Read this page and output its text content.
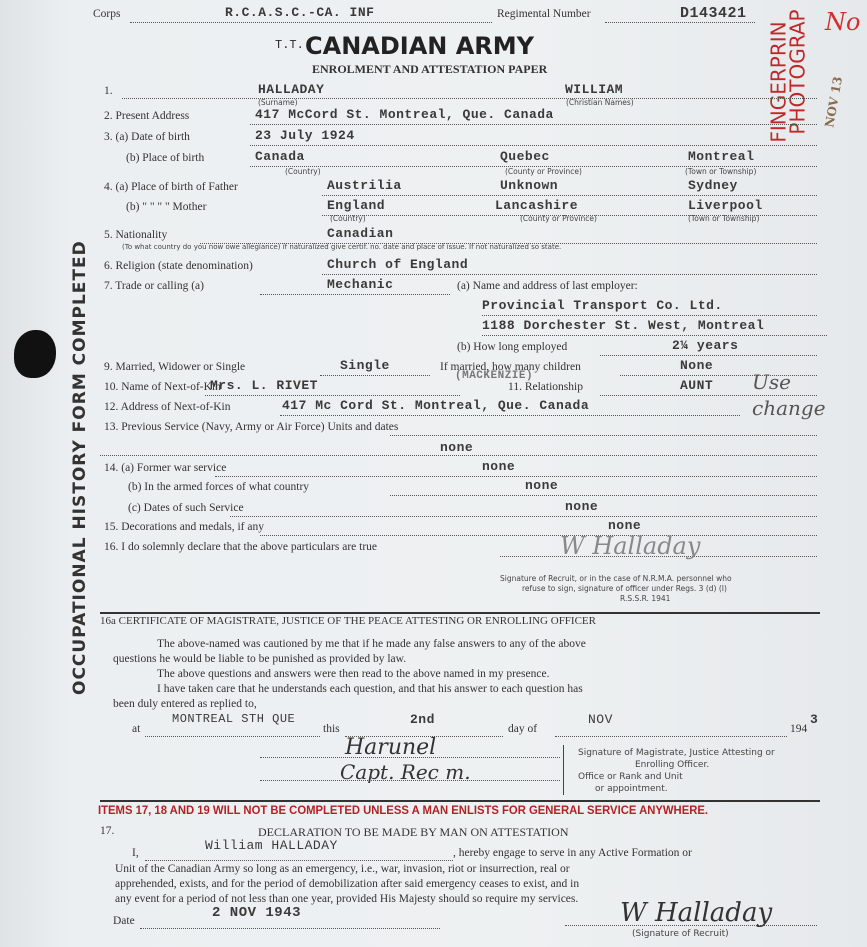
OCCUPATIONAL HISTORY FORM COMPLETED
FINGERPRIN
PHOTOGRAP NOV 13
No
Corps	R.C.A.S.C.-CA. INF	Regimental Number	D143421
T.T. CANADIAN ARMY
ENROLMENT AND ATTESTATION PAPER
1.	HALLADAY
(Surname)
WILLIAM
(Christian Names)
2. Present Address	417 McCord St. Montreal, Que. Canada
3. (a) Date of birth	23 July 1924
(b) Place of birth	Canada	Quebec	Montreal
(Country)	(County or Province)	(Town or Township)
4. (a) Place of birth of Father	Austrilia	Unknown	Sydney
(b) " " " " Mother	England	Lancashire	Liverpool
(Country)	(County or Province)	(Town or Township)
5. Nationality	Canadian
(To what country do you now owe allegiance) if naturalized give certif. no. date and place of issue. If not naturalized so state.
6. Religion (state denomination)	Church of England
7. Trade or calling (a)	Mechanic	(a) Name and address of last employer:
Provincial Transport Co. Ltd.
1188 Dorchester St. West, Montreal
(b) How long employed	2¼ years
9. Married, Widower or Single	Single	If married, how many children	None
(MACKENZIE)
10. Name of Next-of-Kin
Mrs. L. RIVET	11. Relationship	AUNT Use
change
12. Address of Next-of-Kin	417 Mc Cord St. Montreal, Que. Canada
13. Previous Service (Navy, Army or Air Force) Units and dates
none
14. (a) Former war service	none
(b) In the armed forces of what country	none
(c) Dates of such Service	none
15. Decorations and medals, if any	none
16. I do solemnly declare that the above particulars are true	W Halladay
Signature of Recruit, or in the case of N.R.M.A. personnel who
refuse to sign, signature of officer under Regs. 3 (d) (I)
R.S.S.R. 1941
16a CERTIFICATE OF MAGISTRATE, JUSTICE OF THE PEACE ATTESTING OR ENROLLING OFFICER
The above-named was cautioned by me that if he made any false answers to any of the above
questions he would be liable to be punished as provided by law.
The above questions and answers were then read to the above named in my presence.
I have taken care that he understands each question, and that his answer to each question has
been duly entered as replied to,
at
MONTREAL STH QUE
this
2nd
day of
NOV
194
3
Harunel
Capt. Rec m.
Signature of Magistrate, Justice Attesting or
Enrolling Officer.
Office or Rank and Unit
or appointment.
ITEMS 17, 18 AND 19 WILL NOT BE COMPLETED UNLESS A MAN ENLISTS FOR GENERAL SERVICE ANYWHERE.
17.	DECLARATION TO BE MADE BY MAN ON ATTESTATION
I,	William HALLADAY	, hereby engage to serve in any Active Formation or
Unit of the Canadian Army so long as an emergency, i.e., war, invasion, riot or insurrection, real or
apprehended, exists, and for the period of demobilization after said emergency ceases to exist, and in
any event for a period of not less than one year, provided His Majesty should so require my services.
Date	2 NOV 1943	W Halladay
(Signature of Recruit)
